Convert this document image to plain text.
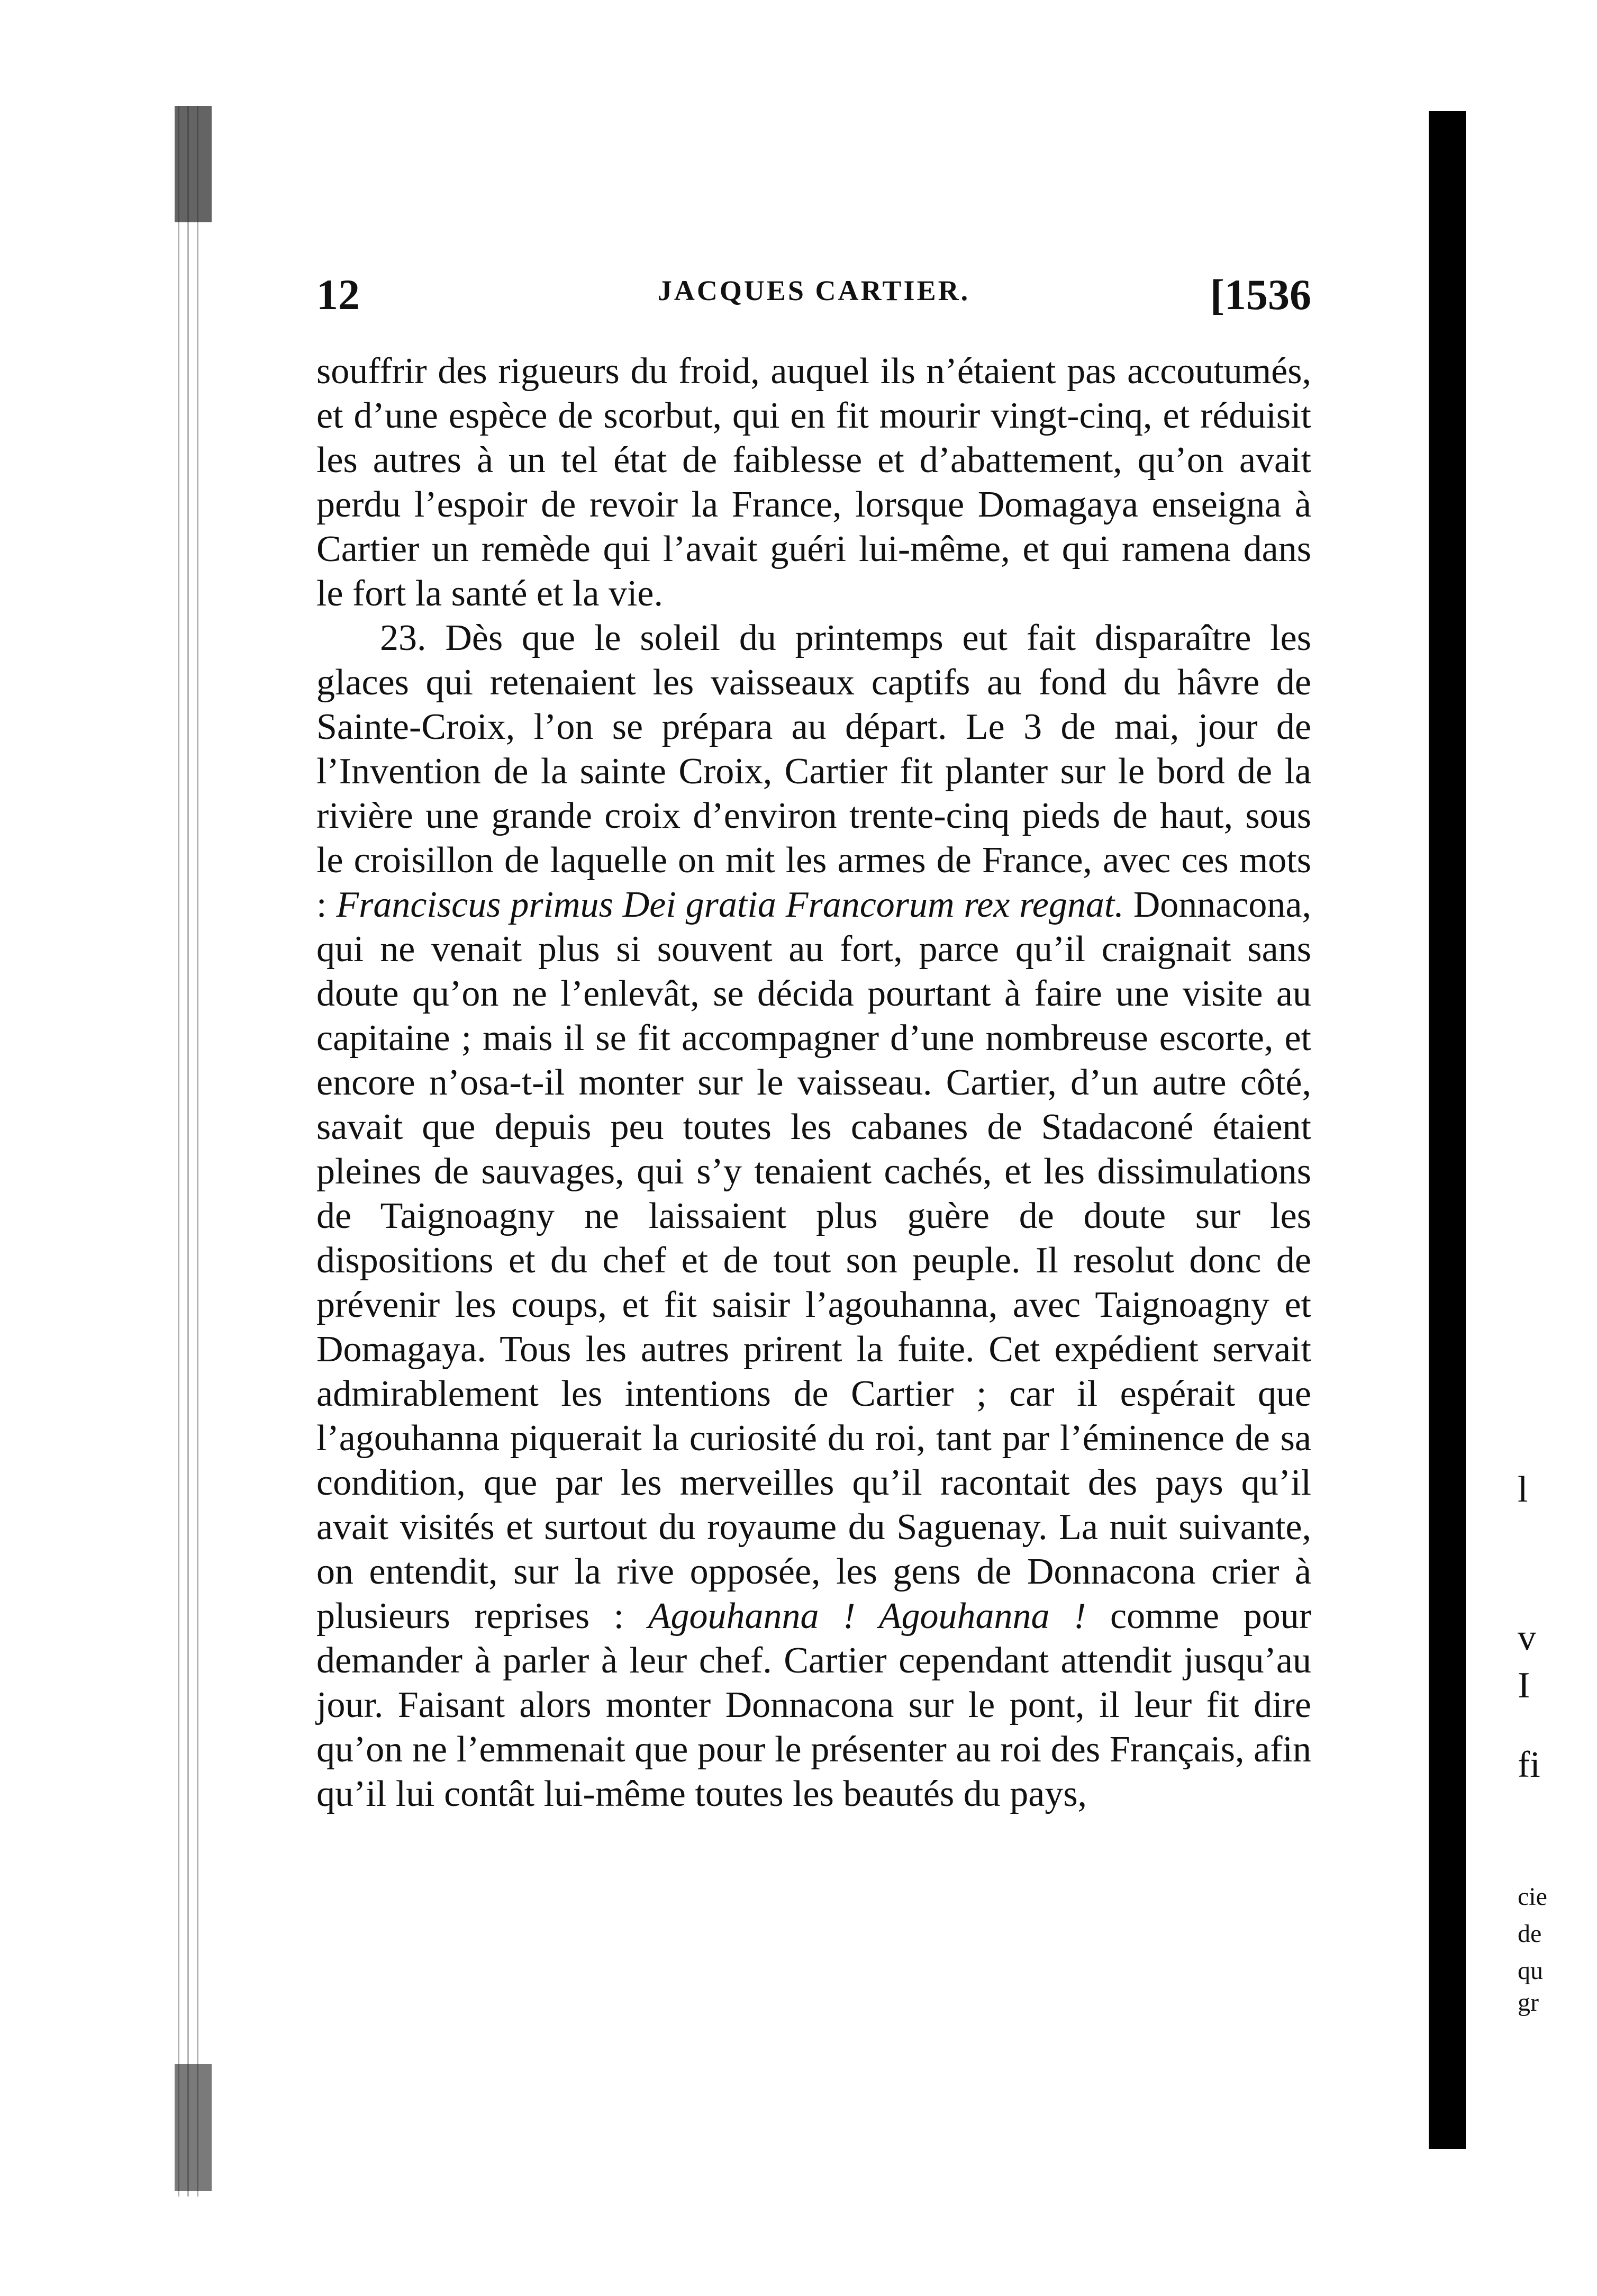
l
v
I
fi
cie
de
qu
gr
12	JACQUES CARTIER.	[1536

souffrir des rigueurs du froid, auquel ils n’étaient pas accoutumés, et d’une espèce de scorbut, qui en fit mourir vingt-cinq, et réduisit les autres à un tel état de faiblesse et d’abattement, qu’on avait perdu l’espoir de revoir la France, lorsque Domagaya enseigna à Cartier un remède qui l’avait guéri lui-même, et qui ramena dans le fort la santé et la vie.

23. Dès que le soleil du printemps eut fait disparaître les glaces qui retenaient les vaisseaux captifs au fond du hâvre de Sainte-Croix, l’on se prépara au départ. Le 3 de mai, jour de l’Invention de la sainte Croix, Cartier fit planter sur le bord de la rivière une grande croix d’environ trente-cinq pieds de haut, sous le croisillon de laquelle on mit les armes de France, avec ces mots : Franciscus primus Dei gratia Francorum rex regnat. Donnacona, qui ne venait plus si souvent au fort, parce qu’il craignait sans doute qu’on ne l’enlevât, se décida pourtant à faire une visite au capitaine ; mais il se fit accompagner d’une nombreuse escorte, et encore n’osa-t-il monter sur le vaisseau. Cartier, d’un autre côté, savait que depuis peu toutes les cabanes de Stadaconé étaient pleines de sauvages, qui s’y tenaient cachés, et les dissimulations de Taignoagny ne laissaient plus guère de doute sur les dispositions et du chef et de tout son peuple. Il resolut donc de prévenir les coups, et fit saisir l’agouhanna, avec Taignoagny et Domagaya. Tous les autres prirent la fuite. Cet expédient servait admirablement les intentions de Cartier ; car il espérait que l’agouhanna piquerait la curiosité du roi, tant par l’éminence de sa condition, que par les merveilles qu’il racontait des pays qu’il avait visités et surtout du royaume du Saguenay. La nuit suivante, on entendit, sur la rive opposée, les gens de Donnacona crier à plusieurs reprises : Agouhanna ! Agouhanna ! comme pour demander à parler à leur chef. Cartier cependant attendit jusqu’au jour. Faisant alors monter Donnacona sur le pont, il leur fit dire qu’on ne l’emmenait que pour le présenter au roi des Français, afin qu’il lui contât lui-même toutes les beautés du pays,
